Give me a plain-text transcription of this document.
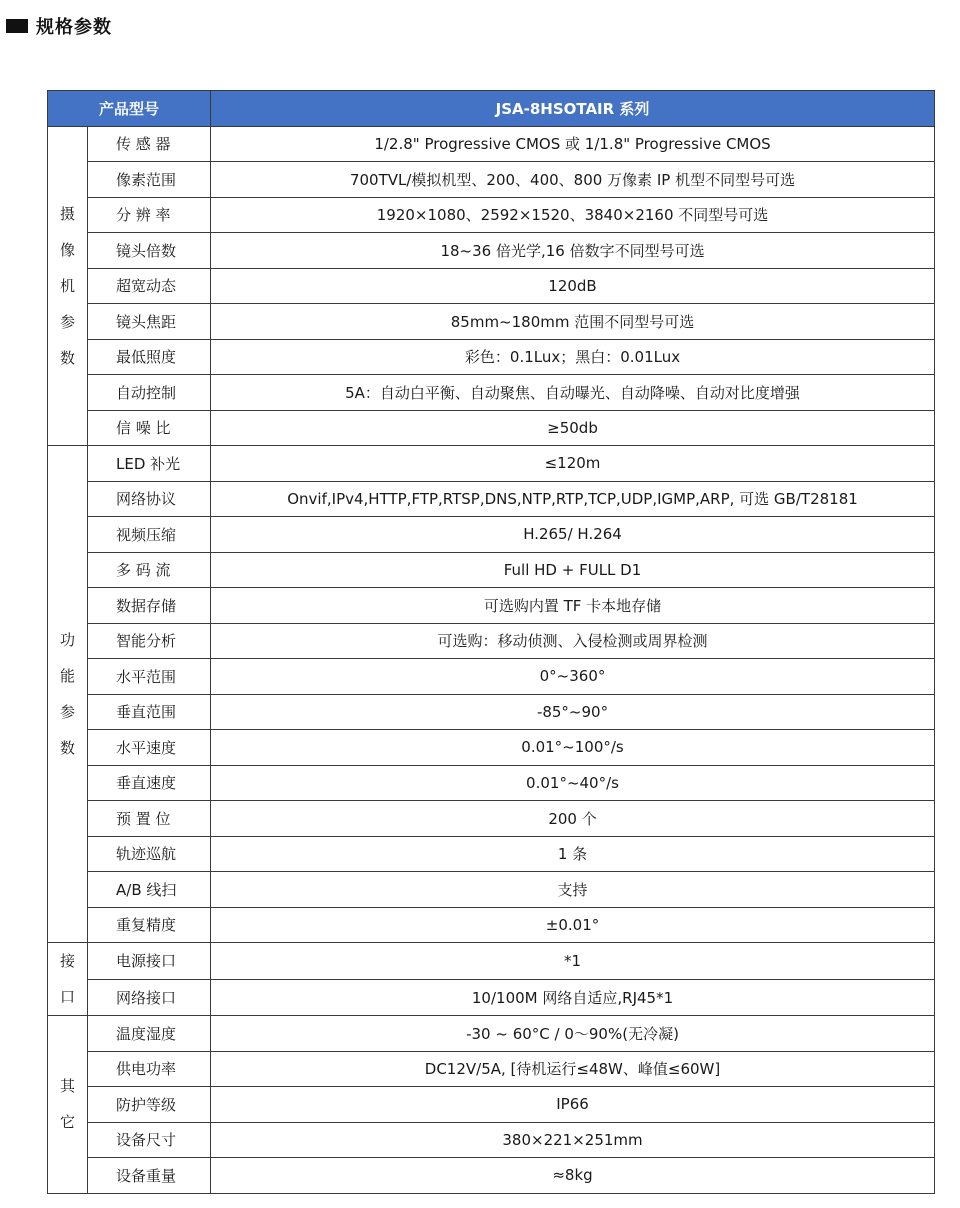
规格参数
产品型号		JSA-8HSOTAIR 系列

摄
像
机
参
数	传 感 器	1/2.8" Progressive CMOS 或 1/1.8" Progressive CMOS
	像素范围	700TVL/模拟机型、200、400、800 万像素 IP 机型不同型号可选
	分 辨 率	1920×1080、2592×1520、3840×2160 不同型号可选
	镜头倍数	18~36 倍光学,16 倍数字不同型号可选
	超宽动态	120dB
	镜头焦距	85mm~180mm 范围不同型号可选
	最低照度	彩色：0.1Lux；黑白：0.01Lux
	自动控制	5A：自动白平衡、自动聚焦、自动曝光、自动降噪、自动对比度增强
	信 噪 比	≥50db

功
能
参
数	LED 补光	≤120m
	网络协议	Onvif,IPv4,HTTP,FTP,RTSP,DNS,NTP,RTP,TCP,UDP,IGMP,ARP, 可选 GB/T28181
	视频压缩	H.265/ H.264
	多 码 流	Full HD + FULL D1
	数据存储	可选购内置 TF 卡本地存储
	智能分析	可选购：移动侦测、入侵检测或周界检测
	水平范围	0°~360°
	垂直范围	-85°~90°
	水平速度	0.01°~100°/s
	垂直速度	0.01°~40°/s
	预 置 位	200 个
	轨迹巡航	1 条
	A/B 线扫	支持
	重复精度	±0.01°

接
口	电源接口	*1
	网络接口	10/100M 网络自适应,RJ45*1

其
它	温度湿度	-30 ~ 60°C / 0～90%(无冷凝)
	供电功率	DC12V/5A, [待机运行≤48W、峰值≤60W]
	防护等级	IP66
	设备尺寸	380×221×251mm
	设备重量	≈8kg
